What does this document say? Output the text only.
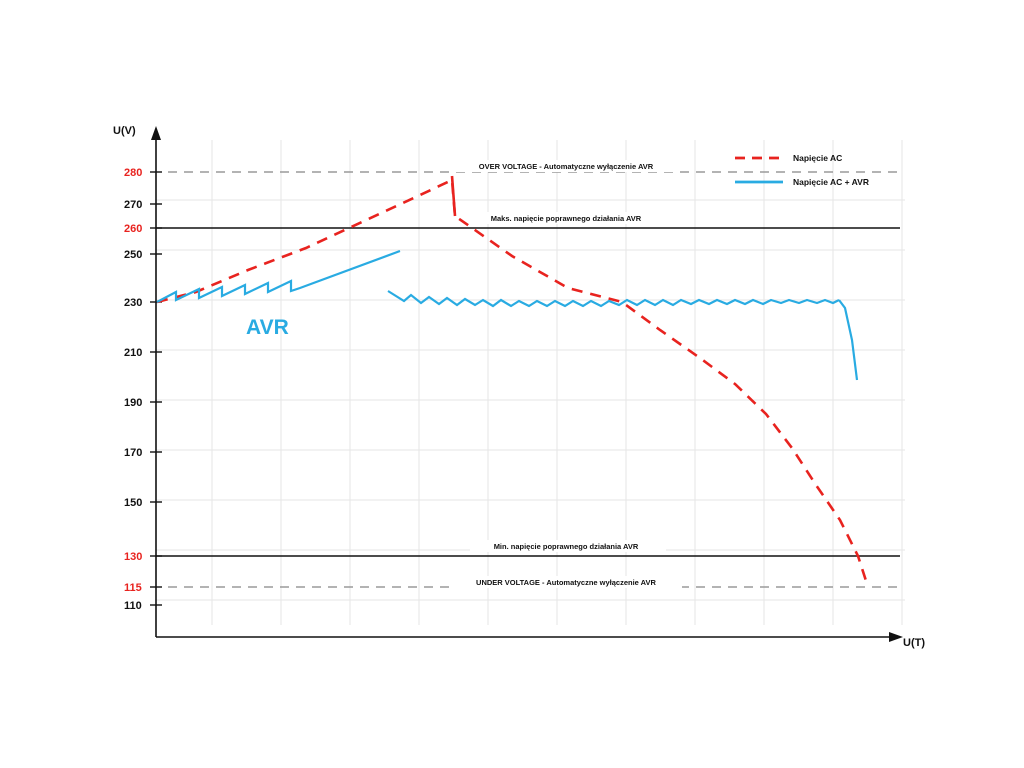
U(V)
U(T)
280
270
260
250
230
210
190
170
150
130
115
110
OVER VOLTAGE - Automatyczne wyłączenie AVR
Maks. napięcie poprawnego działania AVR
Min. napięcie poprawnego działania AVR
UNDER VOLTAGE - Automatyczne wyłączenie AVR
AVR
Napięcie AC
Napięcie AC + AVR
